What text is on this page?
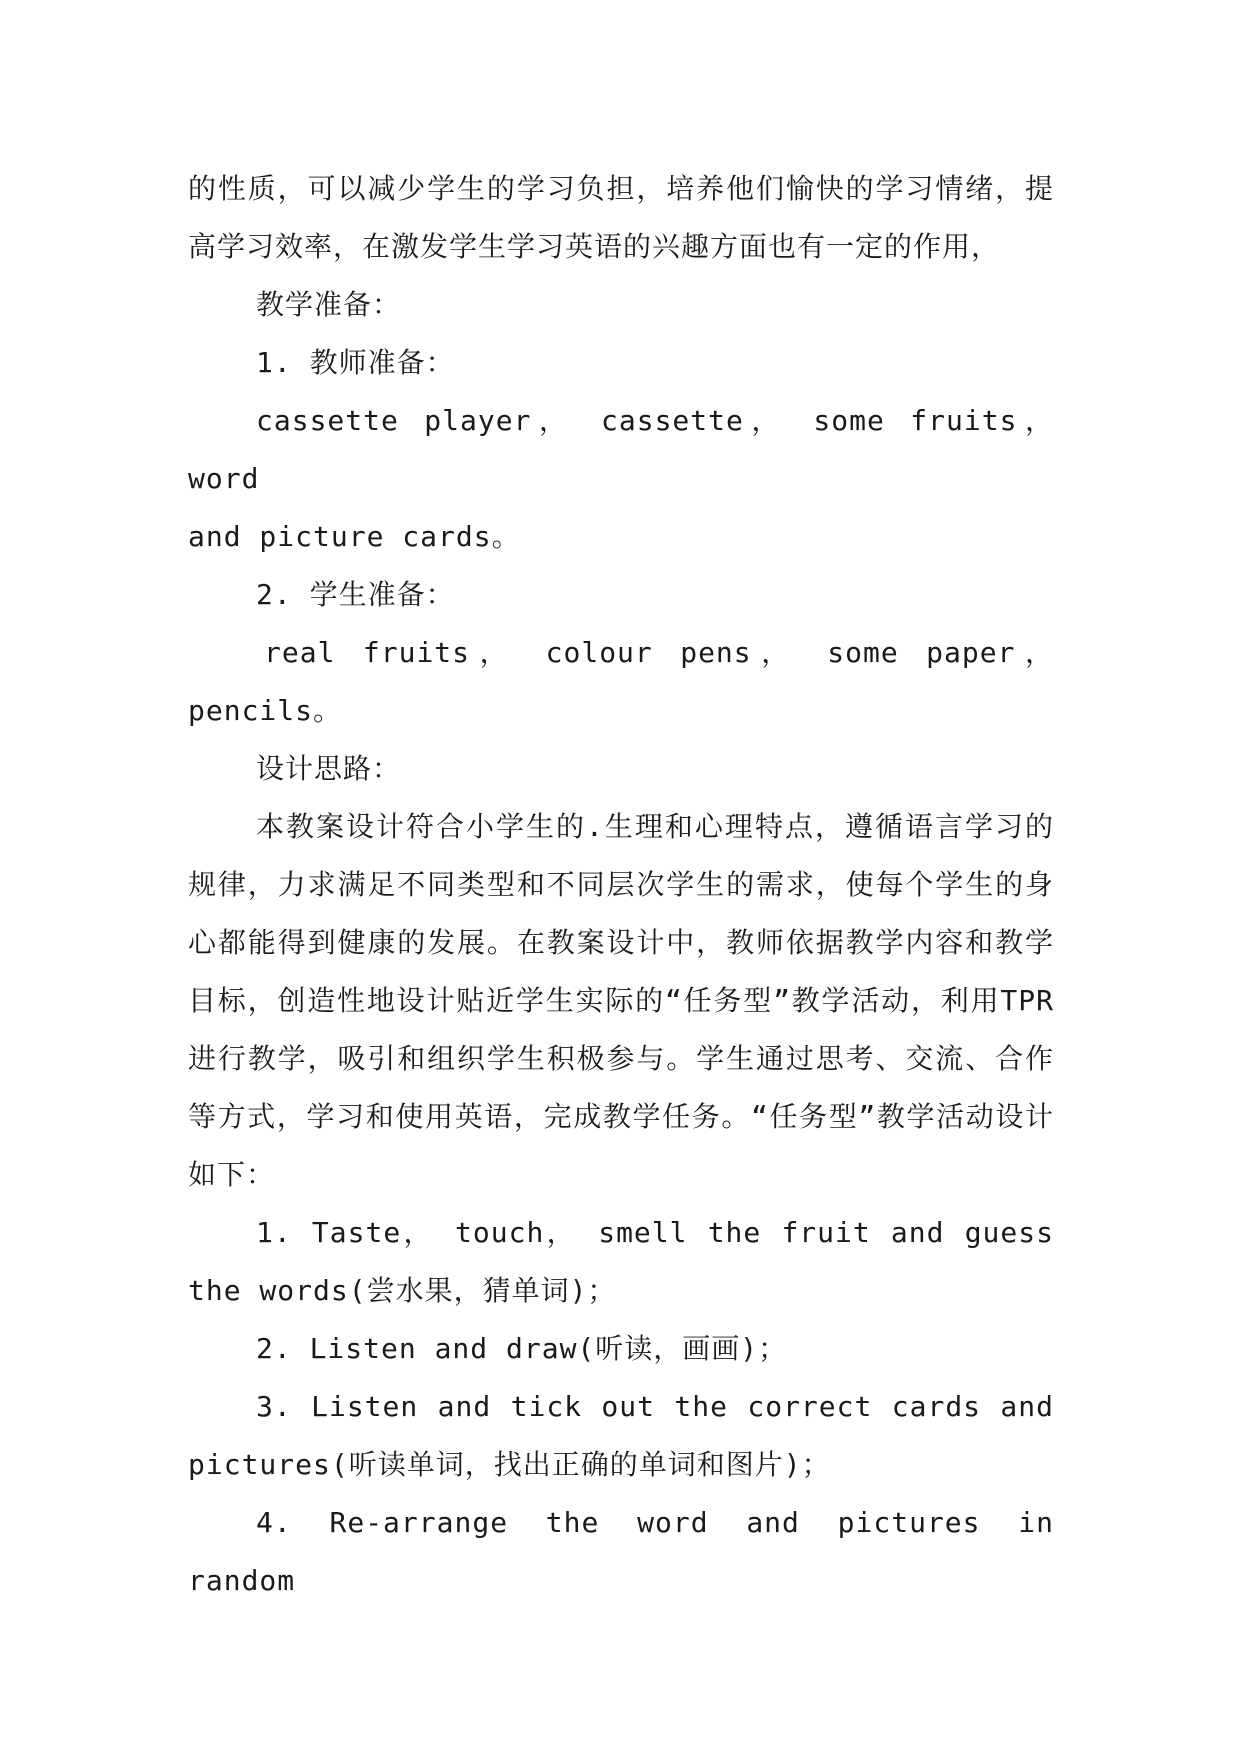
的性质，可以减少学生的学习负担，培养他们愉快的学习情绪，提高学习效率，在激发学生学习英语的兴趣方面也有一定的作用，

教学准备：

1. 教师准备：

cassette player， cassette， some fruits， word

and picture cards。

2. 学生准备：

real fruits， colour pens， some paper，

pencils。

设计思路：

本教案设计符合小学生的.生理和心理特点，遵循语言学习的规律，力求满足不同类型和不同层次学生的需求，使每个学生的身心都能得到健康的发展。在教案设计中，教师依据教学内容和教学目标，创造性地设计贴近学生实际的“任务型”教学活动，利用TPR进行教学，吸引和组织学生积极参与。学生通过思考、交流、合作等方式，学习和使用英语，完成教学任务。“任务型”教学活动设计如下：

1. Taste， touch， smell the fruit and guess

the words(尝水果，猜单词)；

2. Listen and draw(听读，画画)；

3. Listen and tick out the correct cards and

pictures(听读单词，找出正确的单词和图片)；

4. Re-arrange the word and pictures in random
